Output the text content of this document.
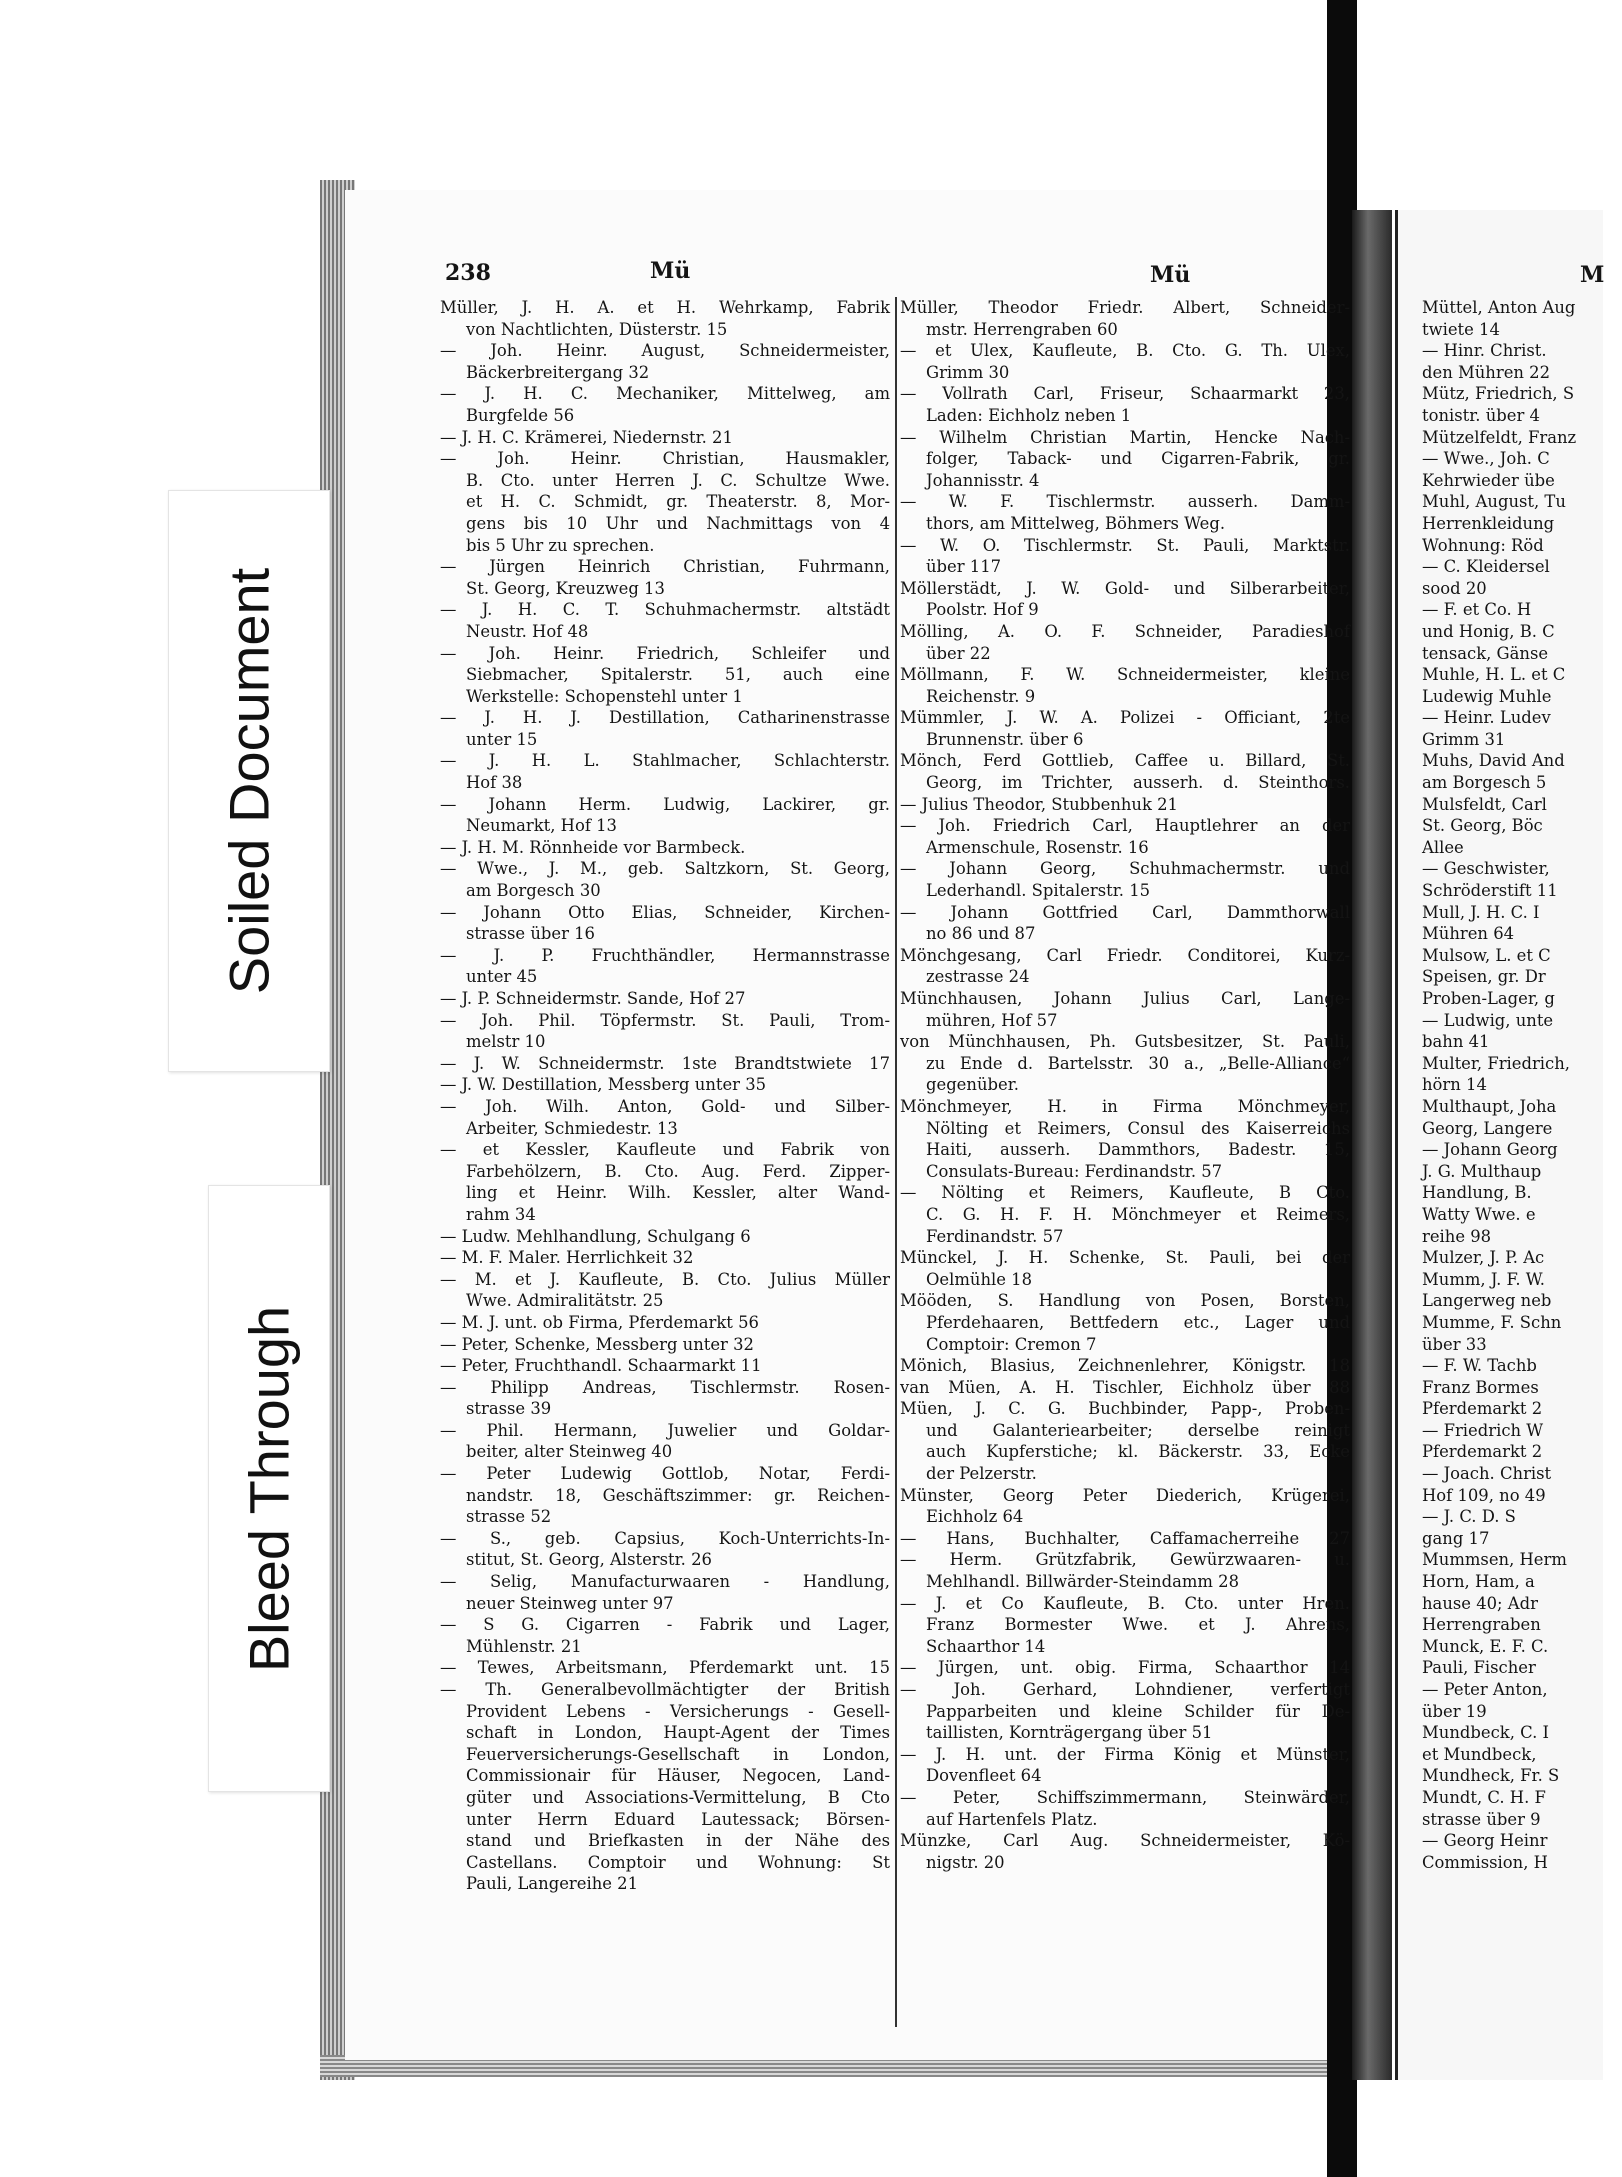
Soiled Document
Bleed Through
238	Mü	Mü	M
Müller, J. H. A. et H. Wehrkamp, Fabrik
von Nachtlichten, Düsterstr. 15
— Joh. Heinr. August, Schneidermeister,
Bäckerbreitergang 32
— J. H. C. Mechaniker, Mittelweg, am
Burgfelde 56
— J. H. C. Krämerei, Niedernstr. 21
— Joh. Heinr. Christian, Hausmakler,
B. Cto. unter Herren J. C. Schultze Wwe.
et H. C. Schmidt, gr. Theaterstr. 8, Mor-
gens bis 10 Uhr und Nachmittags von 4
bis 5 Uhr zu sprechen.
— Jürgen Heinrich Christian, Fuhrmann,
St. Georg, Kreuzweg 13
— J. H. C. T. Schuhmachermstr. altstädt
Neustr. Hof 48
— Joh. Heinr. Friedrich, Schleifer und
Siebmacher, Spitalerstr. 51, auch eine
Werkstelle: Schopenstehl unter 1
— J. H. J. Destillation, Catharinenstrasse
unter 15
— J. H. L. Stahlmacher, Schlachterstr.
Hof 38
— Johann Herm. Ludwig, Lackirer, gr.
Neumarkt, Hof 13
— J. H. M. Rönnheide vor Barmbeck.
— Wwe., J. M., geb. Saltzkorn, St. Georg,
am Borgesch 30
— Johann Otto Elias, Schneider, Kirchen-
strasse über 16
— J. P. Fruchthändler, Hermannstrasse
unter 45
— J. P. Schneidermstr. Sande, Hof 27
— Joh. Phil. Töpfermstr. St. Pauli, Trom-
melstr 10
— J. W. Schneidermstr. 1ste Brandtstwiete 17
— J. W. Destillation, Messberg unter 35
— Joh. Wilh. Anton, Gold- und Silber-
Arbeiter, Schmiedestr. 13
— et Kessler, Kaufleute und Fabrik von
Farbehölzern, B. Cto. Aug. Ferd. Zipper-
ling et Heinr. Wilh. Kessler, alter Wand-
rahm 34
— Ludw. Mehlhandlung, Schulgang 6
— M. F. Maler. Herrlichkeit 32
— M. et J. Kaufleute, B. Cto. Julius Müller
Wwe. Admiralitätstr. 25
— M. J. unt. ob Firma, Pferdemarkt 56
— Peter, Schenke, Messberg unter 32
— Peter, Fruchthandl. Schaarmarkt 11
— Philipp Andreas, Tischlermstr. Rosen-
strasse 39
— Phil. Hermann, Juwelier und Goldar-
beiter, alter Steinweg 40
— Peter Ludewig Gottlob, Notar, Ferdi-
nandstr. 18, Geschäftszimmer: gr. Reichen-
strasse 52
— S., geb. Capsius, Koch-Unterrichts-In-
stitut, St. Georg, Alsterstr. 26
— Selig, Manufacturwaaren - Handlung,
neuer Steinweg unter 97
— S G. Cigarren - Fabrik und Lager,
Mühlenstr. 21
— Tewes, Arbeitsmann, Pferdemarkt unt. 15
— Th. Generalbevollmächtigter der British
Provident Lebens - Versicherungs - Gesell-
schaft in London, Haupt-Agent der Times
Feuerversicherungs-Gesellschaft in London,
Commissionair für Häuser, Negocen, Land-
güter und Associations-Vermittelung, B Cto
unter Herrn Eduard Lautessack; Börsen-
stand und Briefkasten in der Nähe des
Castellans. Comptoir und Wohnung: St
Pauli, Langereihe 21
Müller, Theodor Friedr. Albert, Schneider-
mstr. Herrengraben 60
— et Ulex, Kaufleute, B. Cto. G. Th. Ulex,
Grimm 30
— Vollrath Carl, Friseur, Schaarmarkt 23,
Laden: Eichholz neben 1
— Wilhelm Christian Martin, Hencke Nach-
folger, Taback- und Cigarren-Fabrik, gr.
Johannisstr. 4
— W. F. Tischlermstr. ausserh. Damm-
thors, am Mittelweg, Böhmers Weg.
— W. O. Tischlermstr. St. Pauli, Marktstr.
über 117
Möllerstädt, J. W. Gold- und Silberarbeiter,
Poolstr. Hof 9
Mölling, A. O. F. Schneider, Paradieshof
über 22
Möllmann, F. W. Schneidermeister, kleine
Reichenstr. 9
Mümmler, J. W. A. Polizei - Officiant, 2te
Brunnenstr. über 6
Mönch, Ferd Gottlieb, Caffee u. Billard, St.
Georg, im Trichter, ausserh. d. Steinthors.
— Julius Theodor, Stubbenhuk 21
— Joh. Friedrich Carl, Hauptlehrer an der
Armenschule, Rosenstr. 16
— Johann Georg, Schuhmachermstr. und
Lederhandl. Spitalerstr. 15
— Johann Gottfried Carl, Dammthorwall
no 86 und 87
Mönchgesang, Carl Friedr. Conditorei, Kurz-
zestrasse 24
Münchhausen, Johann Julius Carl, Lange-
mühren, Hof 57
von Münchhausen, Ph. Gutsbesitzer, St. Pauli,
zu Ende d. Bartelsstr. 30 a., „Belle-Alliance“
gegenüber.
Mönchmeyer, H. in Firma Mönchmeyer,
Nölting et Reimers, Consul des Kaiserreichs
Haiti, ausserh. Dammthors, Badestr. 15,
Consulats-Bureau: Ferdinandstr. 57
— Nölting et Reimers, Kaufleute, B Cto.
C. G. H. F. H. Mönchmeyer et Reimers,
Ferdinandstr. 57
Münckel, J. H. Schenke, St. Pauli, bei der
Oelmühle 18
Mööden, S. Handlung von Posen, Borsten,
Pferdehaaren, Bettfedern etc., Lager und
Comptoir: Cremon 7
Mönich, Blasius, Zeichnenlehrer, Königstr. 18
van Müen, A. H. Tischler, Eichholz über 88
Müen, J. C. G. Buchbinder, Papp-, Proben-
und Galanteriearbeiter; derselbe reinigt
auch Kupferstiche; kl. Bäckerstr. 33, Ecke
der Pelzerstr.
Münster, Georg Peter Diederich, Krügerei,
Eichholz 64
— Hans, Buchhalter, Caffamacherreihe 27
— Herm. Grützfabrik, Gewürzwaaren- u.
Mehlhandl. Billwärder-Steindamm 28
— J. et Co Kaufleute, B. Cto. unter Hren.
Franz Bormester Wwe. et J. Ahrens,
Schaarthor 14
— Jürgen, unt. obig. Firma, Schaarthor 14
— Joh. Gerhard, Lohndiener, verfertigt
Papparbeiten und kleine Schilder für De-
taillisten, Kornträgergang über 51
— J. H. unt. der Firma König et Münster,
Dovenfleet 64
— Peter, Schiffszimmermann, Steinwärder,
auf Hartenfels Platz.
Münzke, Carl Aug. Schneidermeister, Kö-
nigstr. 20
Müttel, Anton Aug
twiete 14
— Hinr. Christ.
den Mühren 22
Mütz, Friedrich, S
tonistr. über 4
Mützelfeldt, Franz
— Wwe., Joh. C
Kehrwieder übe
Muhl, August, Tu
Herrenkleidung
Wohnung: Röd
— C. Kleidersel
sood 20
— F. et Co. H
und Honig, B. C
tensack, Gänse
Muhle, H. L. et C
Ludewig Muhle
— Heinr. Ludev
Grimm 31
Muhs, David And
am Borgesch 5
Mulsfeldt, Carl
St. Georg, Böc
Allee
— Geschwister,
Schröderstift 11
Mull, J. H. C. I
Mühren 64
Mulsow, L. et C
Speisen, gr. Dr
Proben-Lager, g
— Ludwig, unte
bahn 41
Multer, Friedrich,
hörn 14
Multhaupt, Joha
Georg, Langere
— Johann Georg
J. G. Multhaup
Handlung, B.
Watty Wwe. e
reihe 98
Mulzer, J. P. Ac
Mumm, J. F. W.
Langerweg neb
Mumme, F. Schn
über 33
— F. W. Tachb
Franz Bormes
Pferdemarkt 2
— Friedrich W
Pferdemarkt 2
— Joach. Christ
Hof 109, no 49
— J. C. D. S
gang 17
Mummsen, Herm
Horn, Ham, a
hause 40; Adr
Herrengraben
Munck, E. F. C.
Pauli, Fischer
— Peter Anton,
über 19
Mundbeck, C. I
et Mundbeck,
Mundheck, Fr. S
Mundt, C. H. F
strasse über 9
— Georg Heinr
Commission, H
